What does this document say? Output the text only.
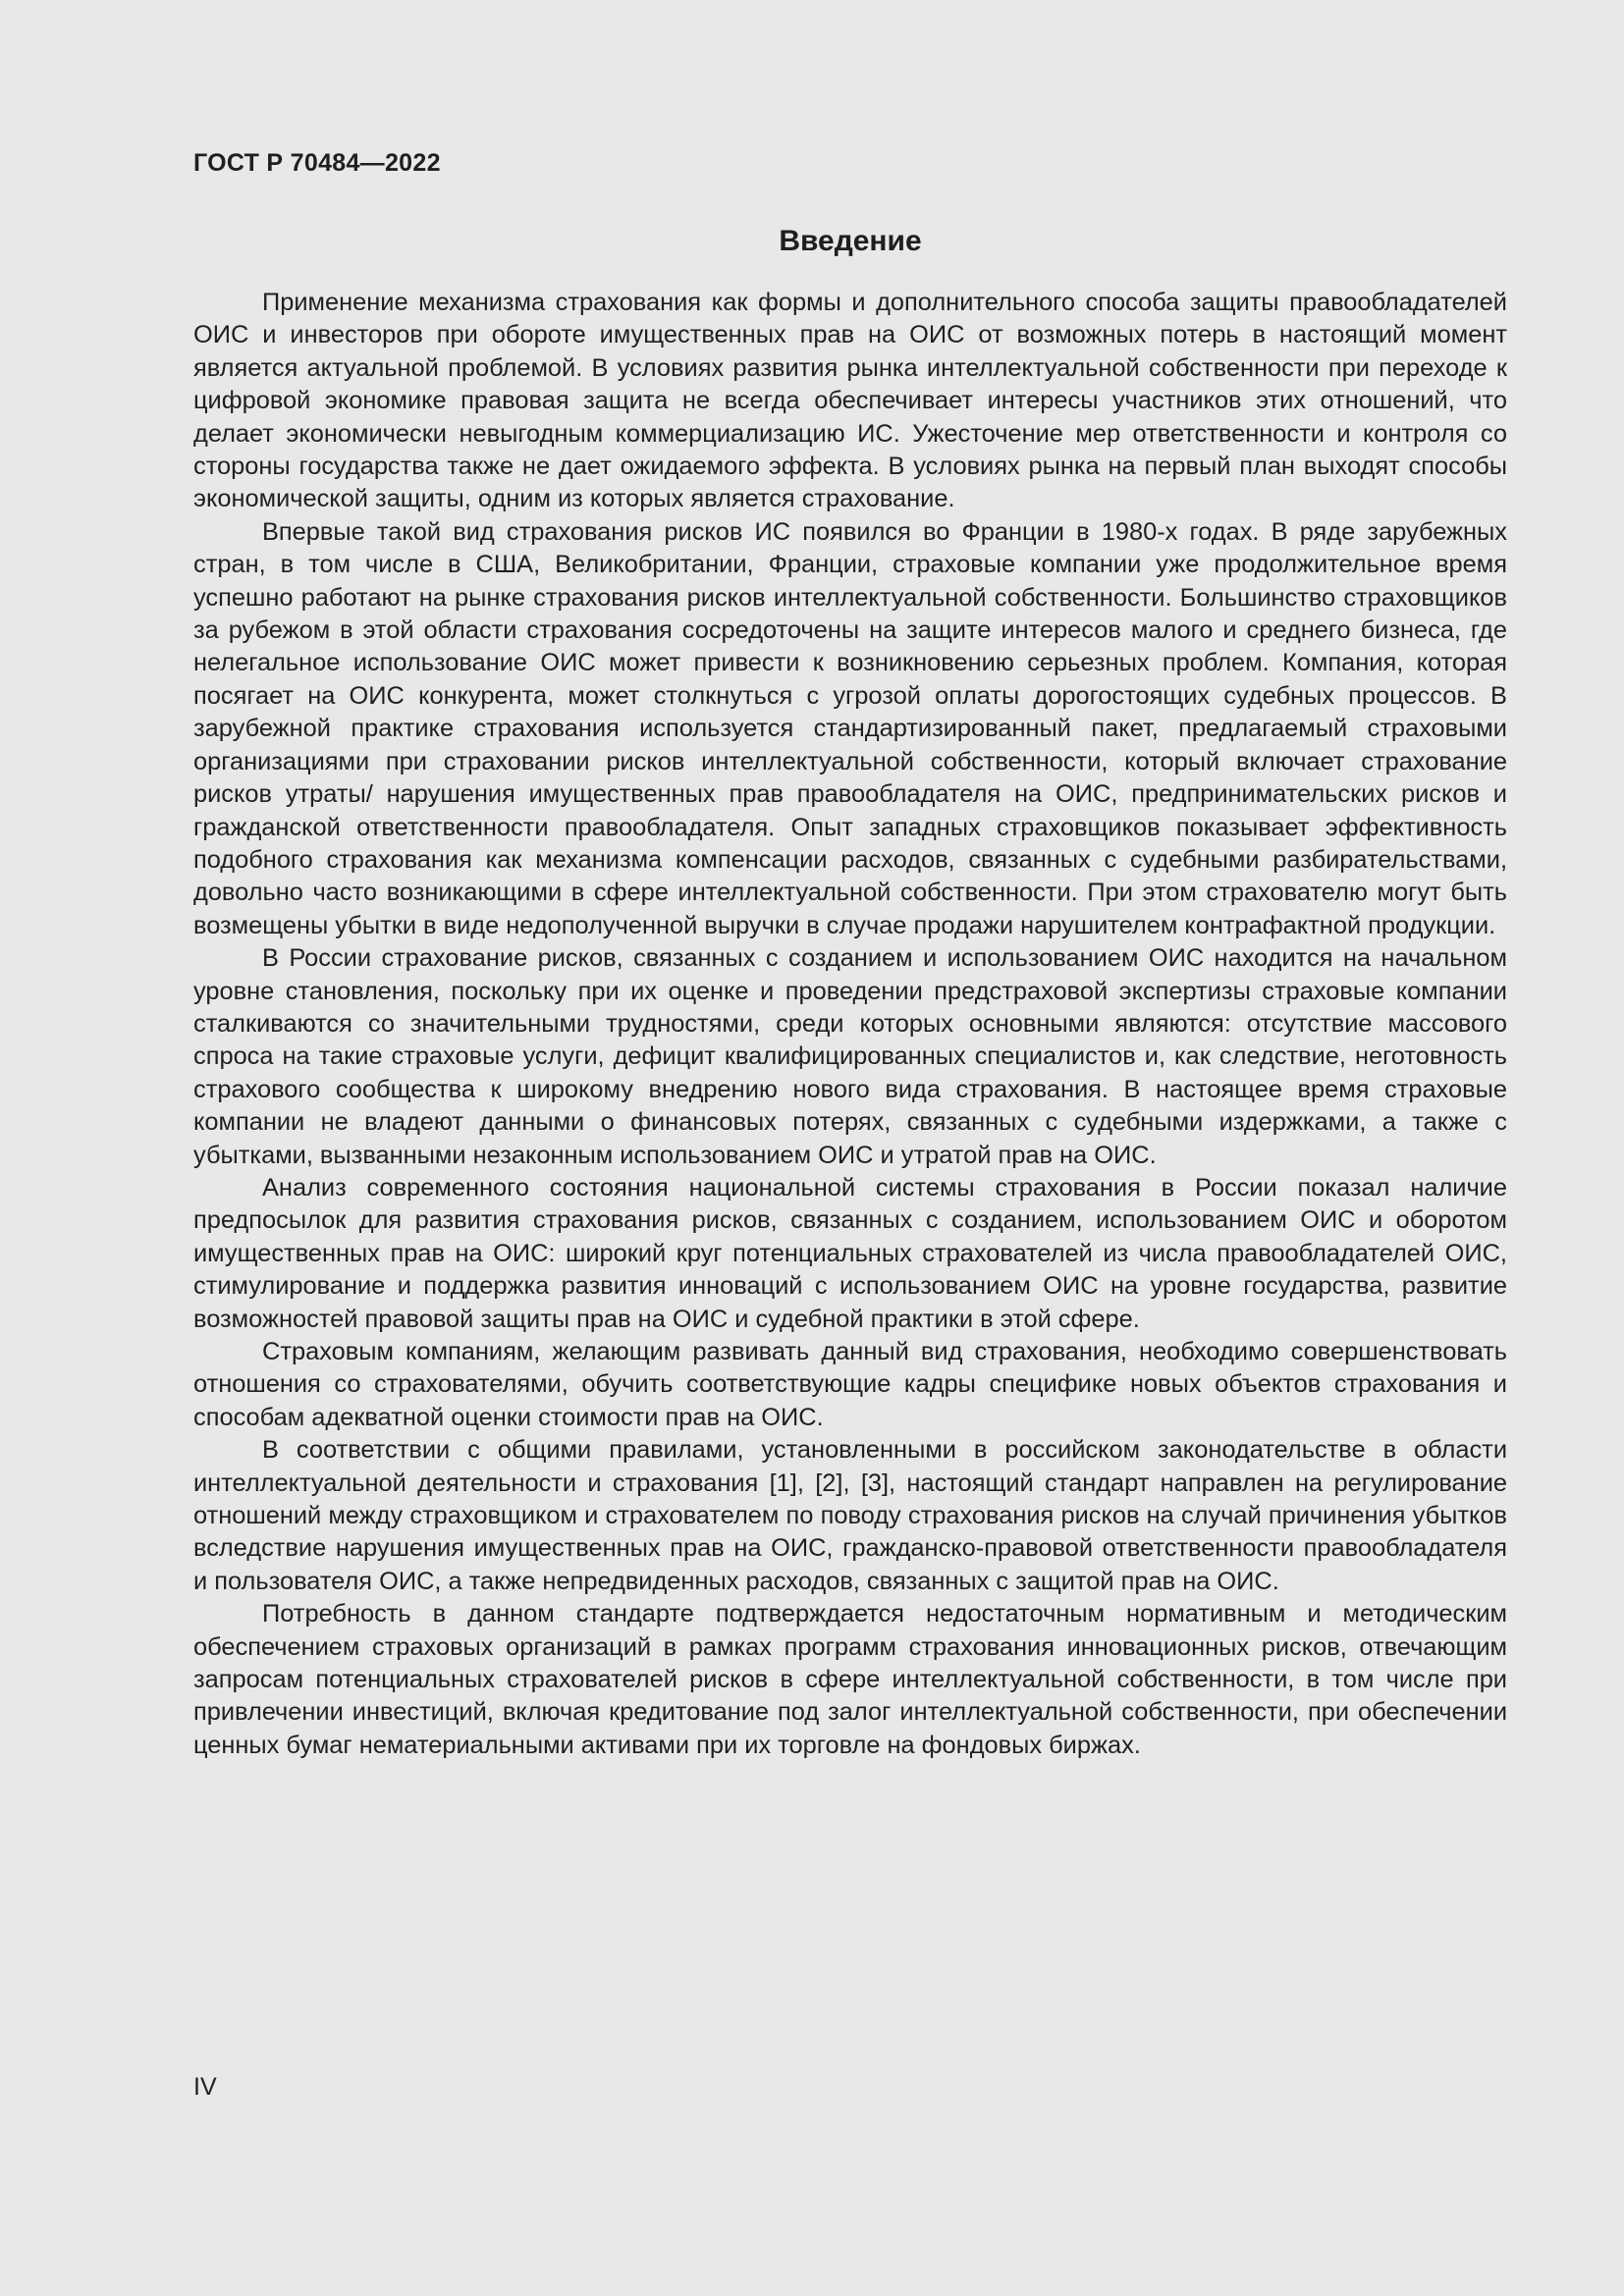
ГОСТ Р 70484—2022
Введение

Применение механизма страхования как формы и дополнительного способа защиты правообладателей ОИС и инвесторов при обороте имущественных прав на ОИС от возможных потерь в настоящий момент является актуальной проблемой. В условиях развития рынка интеллектуальной собственности при переходе к цифровой экономике правовая защита не всегда обеспечивает интересы участников этих отношений, что делает экономически невыгодным коммерциализацию ИС. Ужесточение мер ответственности и контроля со стороны государства также не дает ожидаемого эффекта. В условиях рынка на первый план выходят способы экономической защиты, одним из которых является страхование.

Впервые такой вид страхования рисков ИС появился во Франции в 1980-х годах. В ряде зарубежных стран, в том числе в США, Великобритании, Франции, страховые компании уже продолжительное время успешно работают на рынке страхования рисков интеллектуальной собственности. Большинство страховщиков за рубежом в этой области страхования сосредоточены на защите интересов малого и среднего бизнеса, где нелегальное использование ОИС может привести к возникновению серьезных проблем. Компания, которая посягает на ОИС конкурента, может столкнуться с угрозой оплаты дорогостоящих судебных процессов. В зарубежной практике страхования используется стандартизированный пакет, предлагаемый страховыми организациями при страховании рисков интеллектуальной собственности, который включает страхование рисков утраты/ нарушения имущественных прав правообладателя на ОИС, предпринимательских рисков и гражданской ответственности правообладателя. Опыт западных страховщиков показывает эффективность подобного страхования как механизма компенсации расходов, связанных с судебными разбирательствами, довольно часто возникающими в сфере интеллектуальной собственности. При этом страхователю могут быть возмещены убытки в виде недополученной выручки в случае продажи нарушителем контрафактной продукции.

В России страхование рисков, связанных с созданием и использованием ОИС находится на начальном уровне становления, поскольку при их оценке и проведении предстраховой экспертизы страховые компании сталкиваются со значительными трудностями, среди которых основными являются: отсутствие массового спроса на такие страховые услуги, дефицит квалифицированных специалистов и, как следствие, неготовность страхового сообщества к широкому внедрению нового вида страхования. В настоящее время страховые компании не владеют данными о финансовых потерях, связанных с судебными издержками, а также с убытками, вызванными незаконным использованием ОИС и утратой прав на ОИС.

Анализ современного состояния национальной системы страхования в России показал наличие предпосылок для развития страхования рисков, связанных с созданием, использованием ОИС и оборотом имущественных прав на ОИС: широкий круг потенциальных страхователей из числа правообладателей ОИС, стимулирование и поддержка развития инноваций с использованием ОИС на уровне государства, развитие возможностей правовой защиты прав на ОИС и судебной практики в этой сфере.

Страховым компаниям, желающим развивать данный вид страхования, необходимо совершенствовать отношения со страхователями, обучить соответствующие кадры специфике новых объектов страхования и способам адекватной оценки стоимости прав на ОИС.

В соответствии с общими правилами, установленными в российском законодательстве в области интеллектуальной деятельности и страхования [1], [2], [3], настоящий стандарт направлен на регулирование отношений между страховщиком и страхователем по поводу страхования рисков на случай причинения убытков вследствие нарушения имущественных прав на ОИС, гражданско-правовой ответственности правообладателя и пользователя ОИС, а также непредвиденных расходов, связанных с защитой прав на ОИС.

Потребность в данном стандарте подтверждается недостаточным нормативным и методическим обеспечением страховых организаций в рамках программ страхования инновационных рисков, отвечающим запросам потенциальных страхователей рисков в сфере интеллектуальной собственности, в том числе при привлечении инвестиций, включая кредитование под залог интеллектуальной собственности, при обеспечении ценных бумаг нематериальными активами при их торговле на фондовых биржах.

IV
